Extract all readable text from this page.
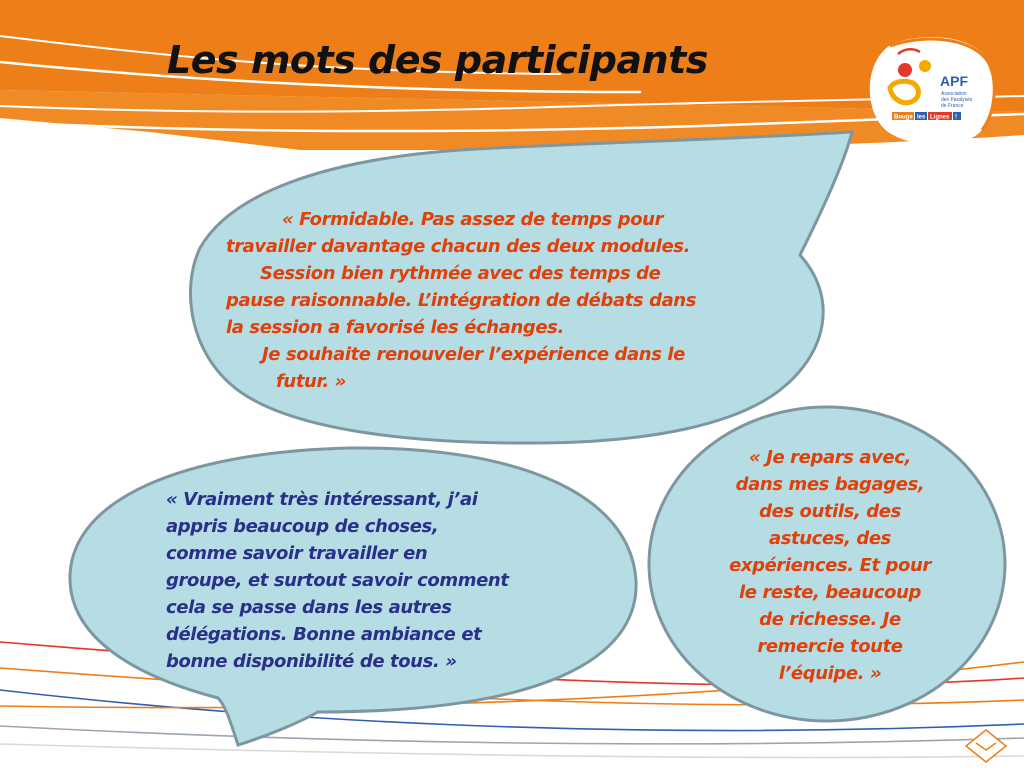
APF
Association
des Paralysés
de France
Bouge les Lignes !
Les mots des participants
« Formidable. Pas assez de temps pour
travailler davantage chacun des deux modules.
Session bien rythmée avec des temps de
pause raisonnable. L’intégration de débats dans
la session a favorisé les échanges.
Je souhaite renouveler l’expérience dans le
futur. »
« Vraiment très intéressant, j’ai
appris beaucoup de choses,
comme savoir travailler en
groupe, et surtout savoir comment
cela se passe dans les autres
délégations. Bonne ambiance et
bonne disponibilité de tous. »
« Je repars avec,
dans mes bagages,
des outils, des
astuces, des
expériences. Et pour
le reste, beaucoup
de richesse. Je
remercie toute
l’équipe. »
